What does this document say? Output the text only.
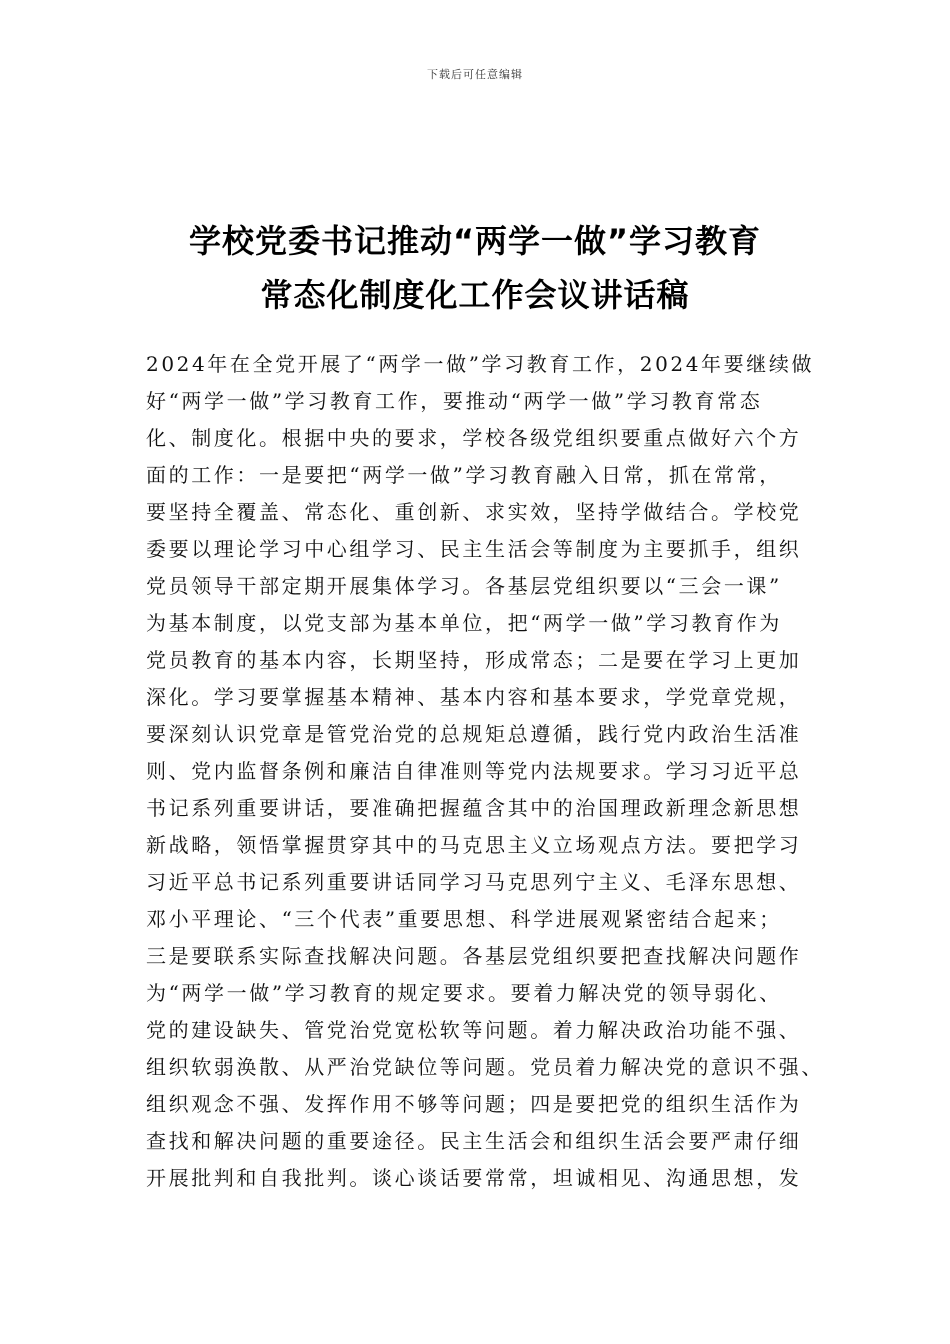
下载后可任意编辑
学校党委书记推动“两学一做”学习教育
常态化制度化工作会议讲话稿
2024年在全党开展了“两学一做”学习教育工作，2024年要继续做
好“两学一做”学习教育工作，要推动“两学一做”学习教育常态
化、制度化。根据中央的要求，学校各级党组织要重点做好六个方
面的工作：一是要把“两学一做”学习教育融入日常，抓在常常，
要坚持全覆盖、常态化、重创新、求实效，坚持学做结合。学校党
委要以理论学习中心组学习、民主生活会等制度为主要抓手，组织
党员领导干部定期开展集体学习。各基层党组织要以“三会一课”
为基本制度，以党支部为基本单位，把“两学一做”学习教育作为
党员教育的基本内容，长期坚持，形成常态；二是要在学习上更加
深化。学习要掌握基本精神、基本内容和基本要求，学党章党规，
要深刻认识党章是管党治党的总规矩总遵循，践行党内政治生活准
则、党内监督条例和廉洁自律准则等党内法规要求。学习习近平总
书记系列重要讲话，要准确把握蕴含其中的治国理政新理念新思想
新战略，领悟掌握贯穿其中的马克思主义立场观点方法。要把学习
习近平总书记系列重要讲话同学习马克思列宁主义、毛泽东思想、
邓小平理论、“三个代表”重要思想、科学进展观紧密结合起来；
三是要联系实际查找解决问题。各基层党组织要把查找解决问题作
为“两学一做”学习教育的规定要求。要着力解决党的领导弱化、
党的建设缺失、管党治党宽松软等问题。着力解决政治功能不强、
组织软弱涣散、从严治党缺位等问题。党员着力解决党的意识不强、
组织观念不强、发挥作用不够等问题；四是要把党的组织生活作为
查找和解决问题的重要途径。民主生活会和组织生活会要严肃仔细
开展批判和自我批判。谈心谈话要常常，坦诚相见、沟通思想，发
